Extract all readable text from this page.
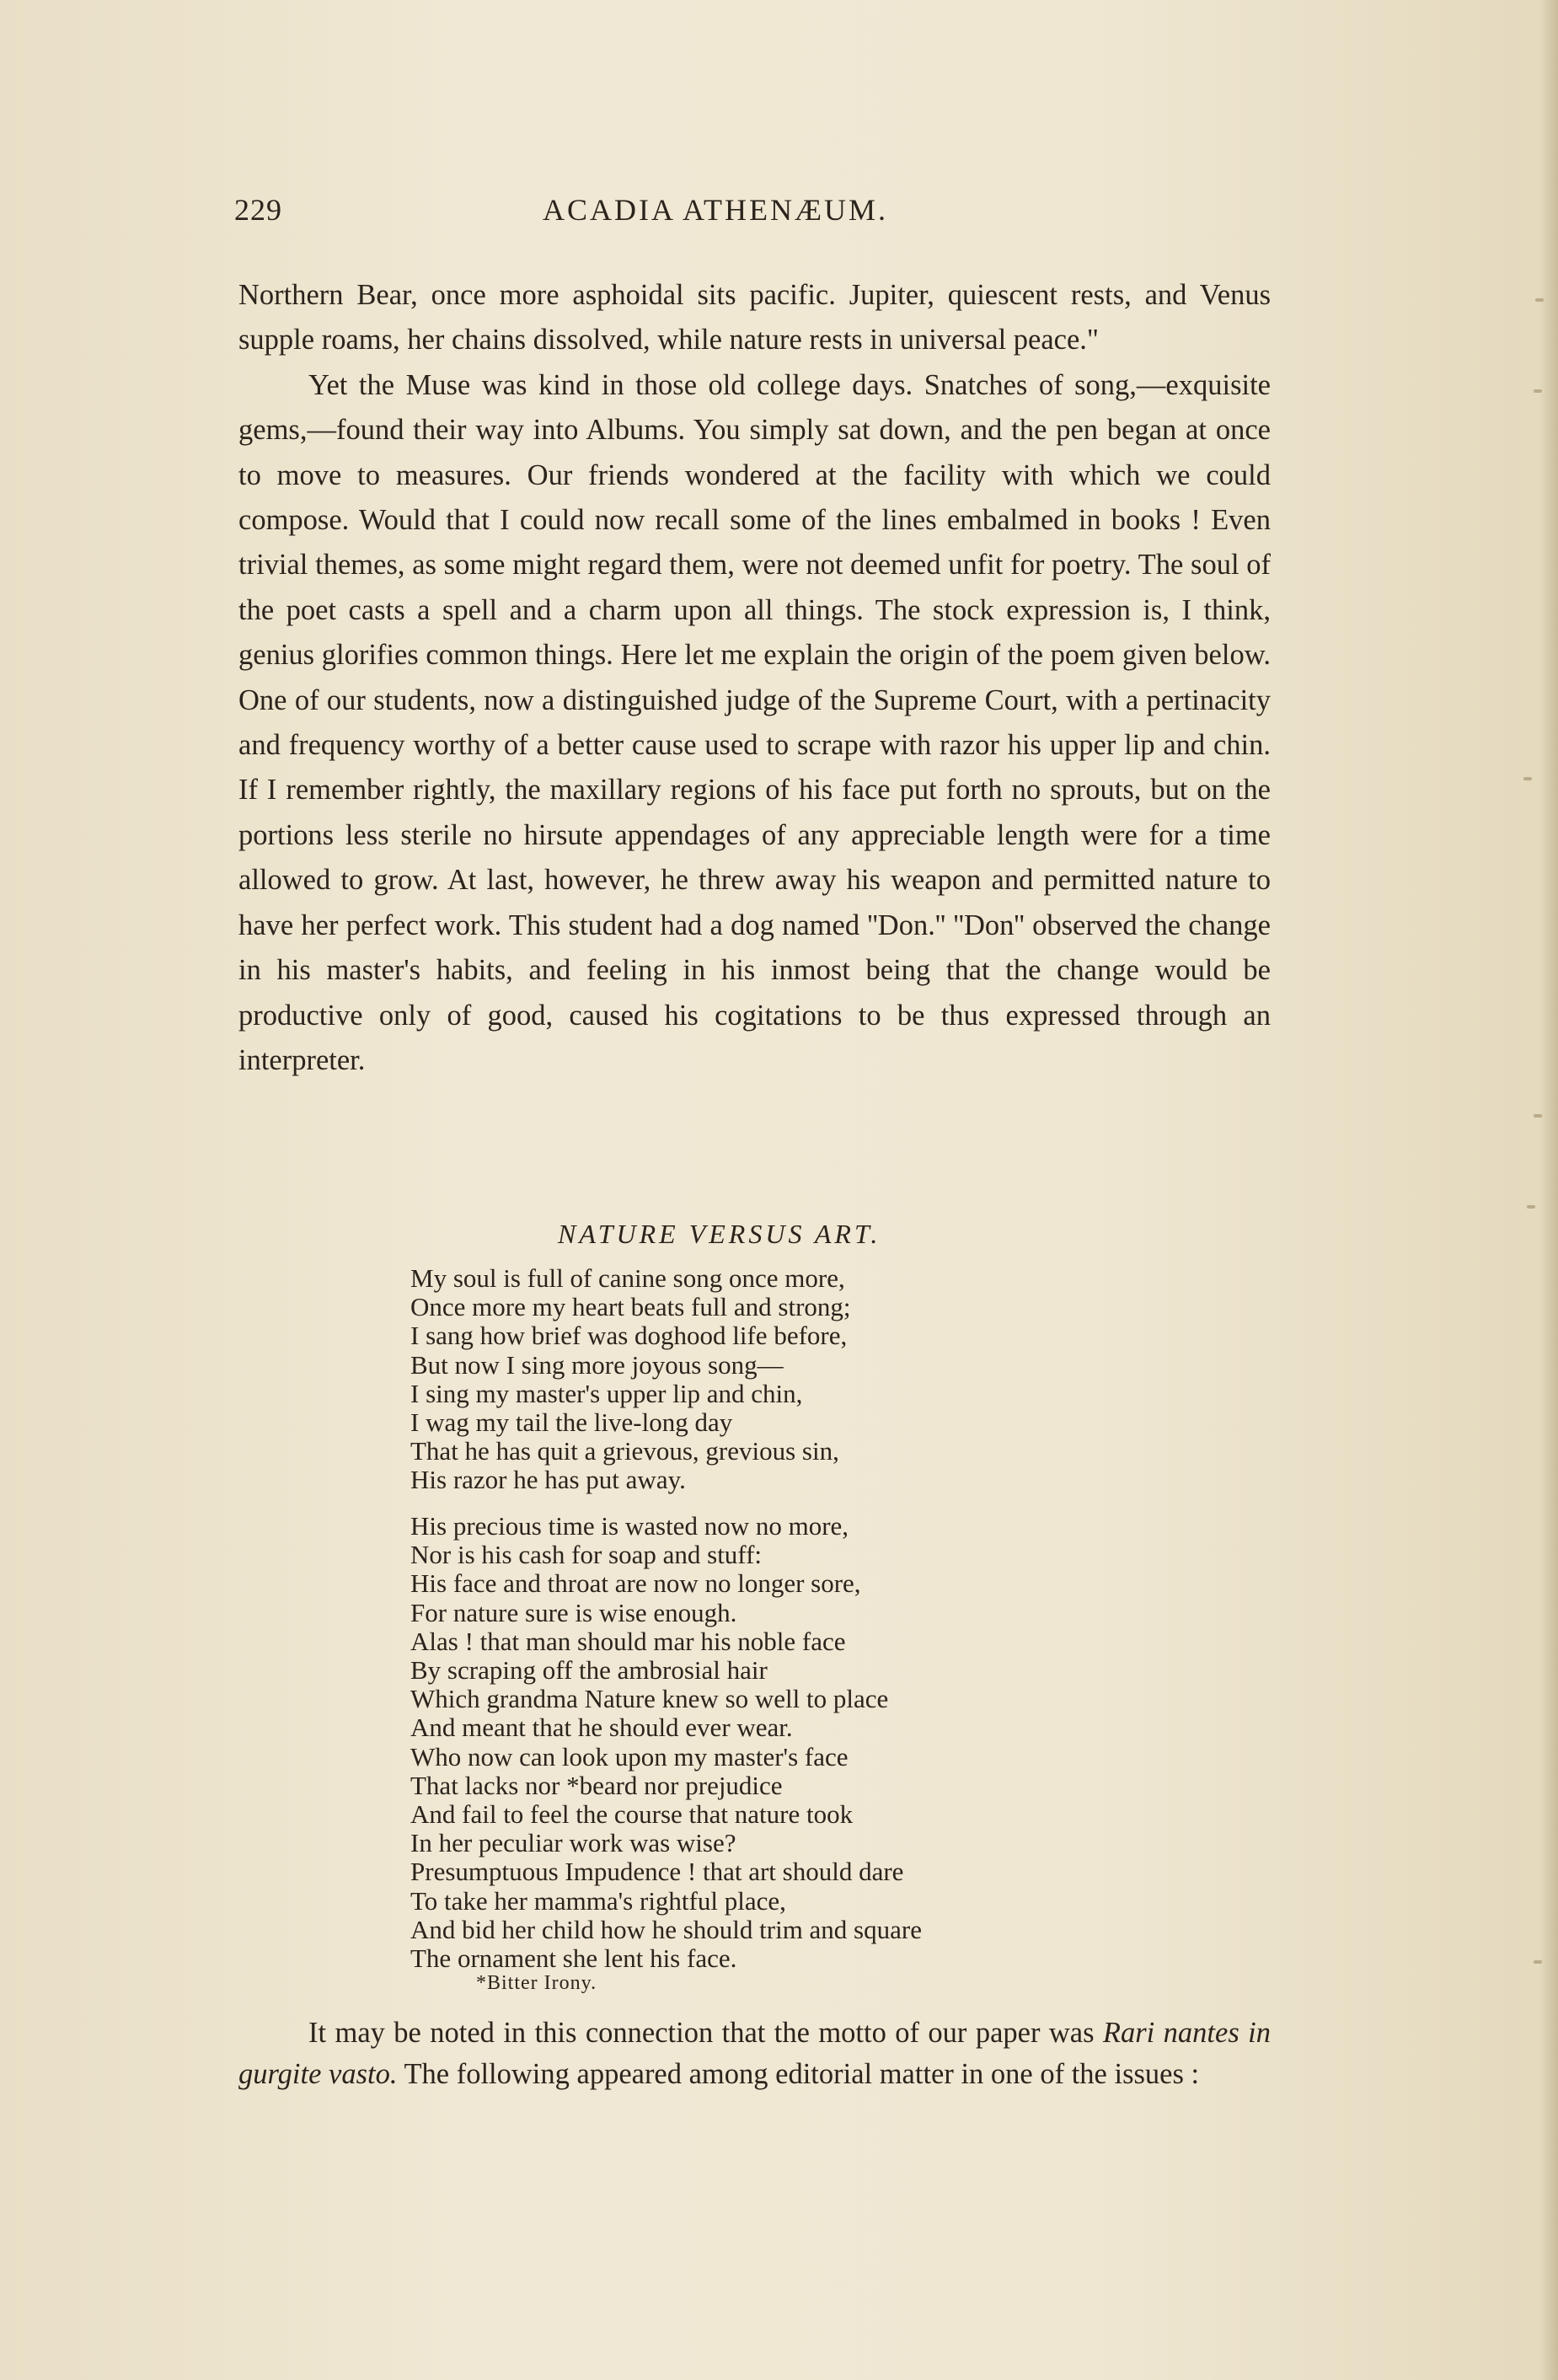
229	ACADIA ATHENÆUM.

Northern Bear, once more asphoidal sits pacific. Jupiter, quiescent rests, and Venus supple roams, her chains dissolved, while nature rests in universal peace."

Yet the Muse was kind in those old college days. Snatches of song,—exquisite gems,—found their way into Albums. You simply sat down, and the pen began at once to move to measures. Our friends wondered at the facility with which we could compose. Would that I could now recall some of the lines embalmed in books ! Even trivial themes, as some might regard them, were not deemed unfit for poetry. The soul of the poet casts a spell and a charm upon all things. The stock expression is, I think, genius glorifies common things. Here let me explain the origin of the poem given below. One of our students, now a distinguished judge of the Supreme Court, with a pertinacity and frequency worthy of a better cause used to scrape with razor his upper lip and chin. If I remember rightly, the maxillary regions of his face put forth no sprouts, but on the portions less sterile no hirsute appendages of any appreciable length were for a time allowed to grow. At last, however, he threw away his weapon and permitted nature to have her perfect work. This student had a dog named ''Don.'' ''Don'' observed the change in his master's habits, and feeling in his inmost being that the change would be productive only of good, caused his cogitations to be thus expressed through an interpreter.

NATURE VERSUS ART.
My soul is full of canine song once more,
Once more my heart beats full and strong;
I sang how brief was doghood life before,
But now I sing more joyous song—
I sing my master's upper lip and chin,
I wag my tail the live-long day
That he has quit a grievous, grevious sin,
His razor he has put away.
His precious time is wasted now no more,
Nor is his cash for soap and stuff:
His face and throat are now no longer sore,
For nature sure is wise enough.
Alas ! that man should mar his noble face
By scraping off the ambrosial hair
Which grandma Nature knew so well to place
And meant that he should ever wear.
Who now can look upon my master's face
That lacks nor *beard nor prejudice
And fail to feel the course that nature took
In her peculiar work was wise?
Presumptuous Impudence ! that art should dare
To take her mamma's rightful place,
And bid her child how he should trim and square
The ornament she lent his face.
*Bitter Irony.

It may be noted in this connection that the motto of our paper was Rari nantes in gurgite vasto. The following appeared among editorial matter in one of the issues :
